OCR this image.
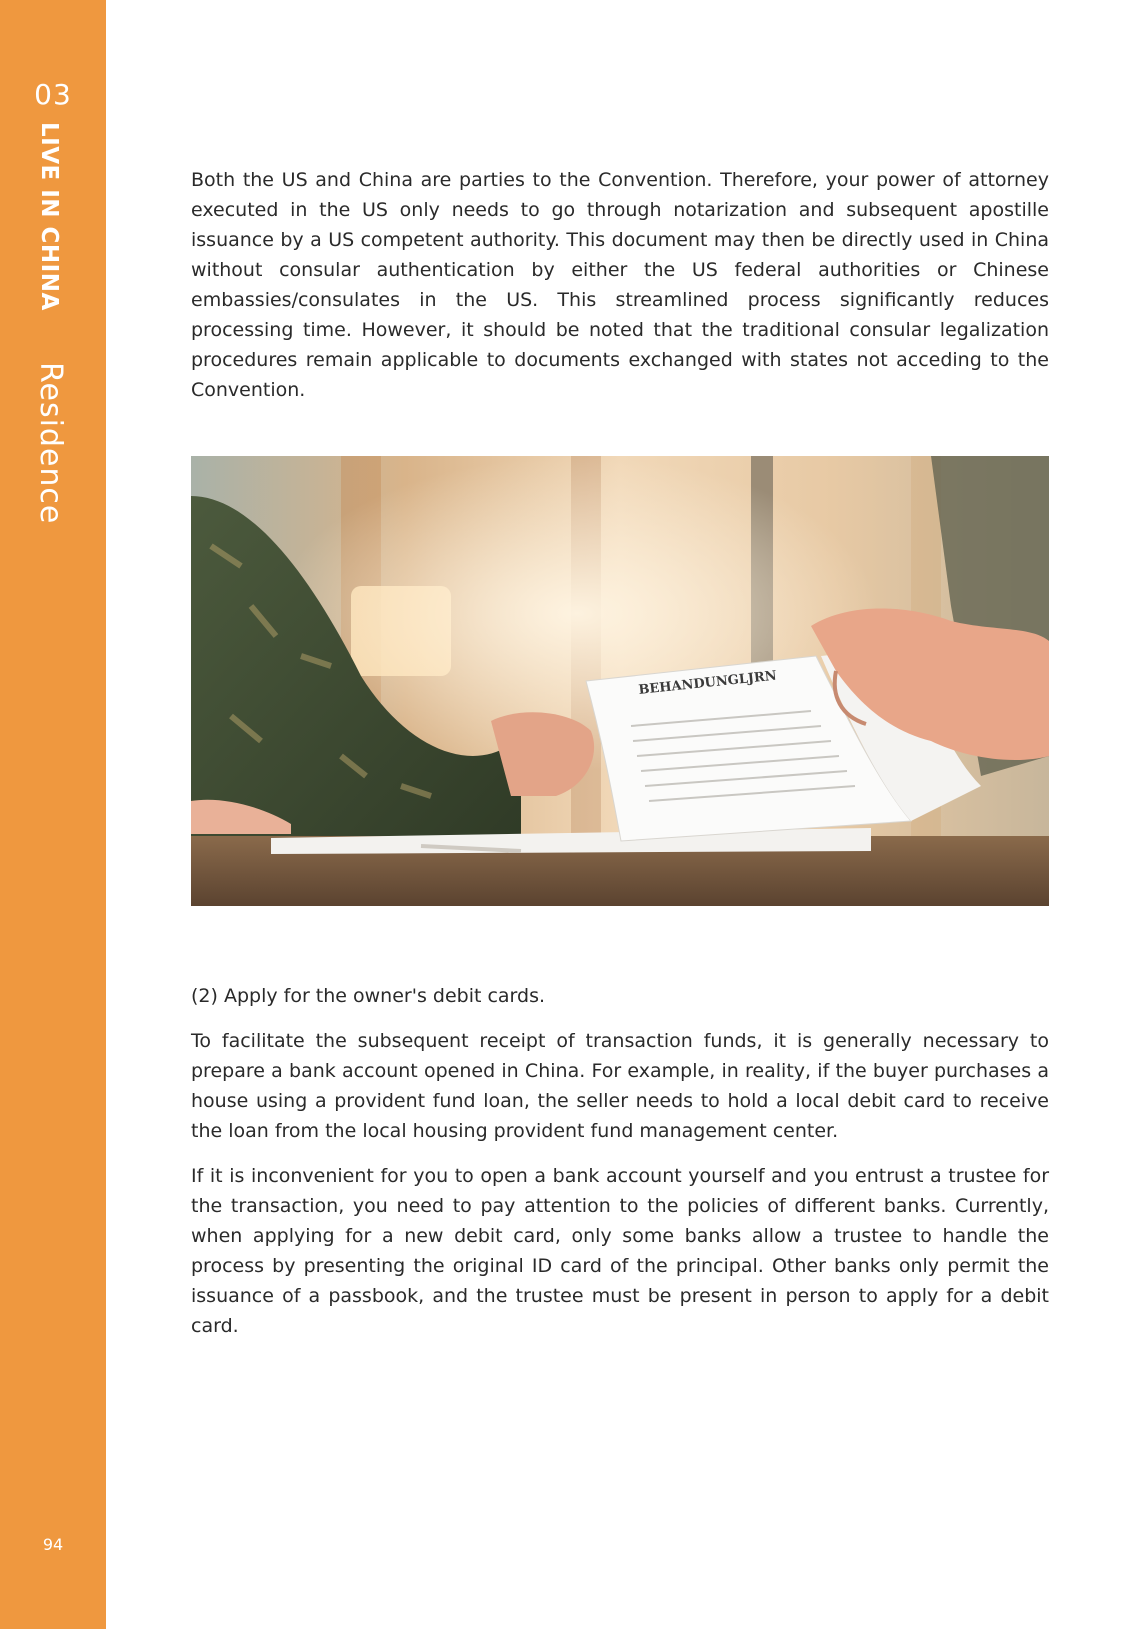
03
LIVE IN CHINA
Residence
94

Both the US and China are parties to the Convention. Therefore, your power of attorney executed in the US only needs to go through notarization and subsequent apostille issuance by a US competent authority. This document may then be directly used in China without consular authentication by either the US federal authorities or Chinese embassies/consulates in the US. This streamlined process significantly reduces processing time. However, it should be noted that the traditional consular legalization procedures remain applicable to documents exchanged with states not acceding to the Convention.

BEHANDUNGLJRN

(2) Apply for the owner's debit cards.

To facilitate the subsequent receipt of transaction funds, it is generally necessary to prepare a bank account opened in China. For example, in reality, if the buyer purchases a house using a provident fund loan, the seller needs to hold a local debit card to receive the loan from the local housing provident fund management center.

If it is inconvenient for you to open a bank account yourself and you entrust a trustee for the transaction, you need to pay attention to the policies of different banks. Currently, when applying for a new debit card, only some banks allow a trustee to handle the process by presenting the original ID card of the principal. Other banks only permit the issuance of a passbook, and the trustee must be present in person to apply for a debit card.
